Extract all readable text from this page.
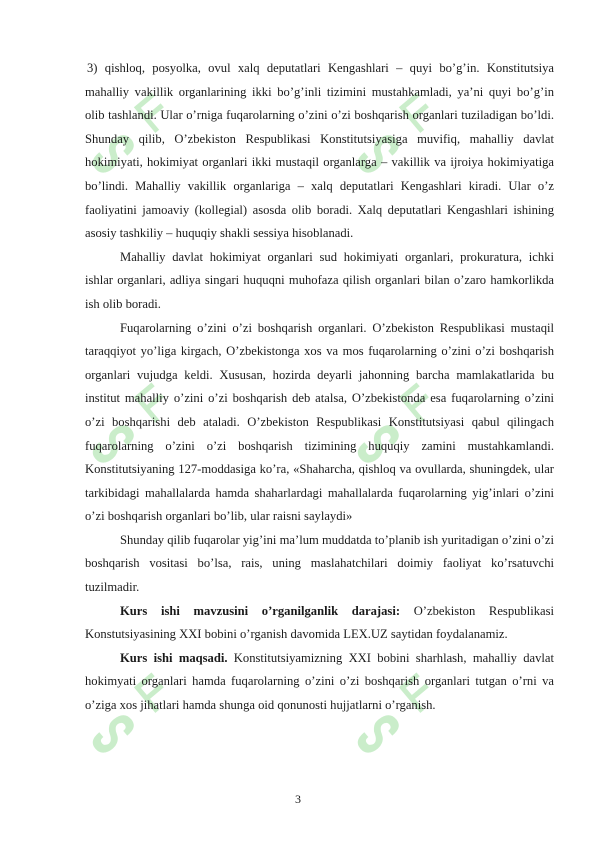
ᔕ ᖴ	ᔕ ᖴ
ᔕ ᖴ	ᔕ ᖴ
ᔕ ᖴ	ᔕ ᖴ

3) qishloq, posyolka, ovul xalq deputatlari Kengashlari – quyi bo’g’in. Konstitutsiya mahalliy vakillik organlarining ikki bo’g’inli tizimini mustahkamladi, ya’ni quyi bo’g’in olib tashlandi. Ular o’rniga fuqarolarning o’zini o’zi boshqarish organlari tuziladigan bo’ldi. Shunday qilib, O’zbekiston Respublikasi Konstitutsiyasiga muvifiq, mahalliy davlat hokimiyati, hokimiyat organlari ikki mustaqil organlarga – vakillik va ijroiya hokimiyatiga bo’lindi. Mahalliy vakillik organlariga – xalq deputatlari Kengashlari kiradi. Ular o’z faoliyatini jamoaviy (kollegial) asosda olib boradi. Xalq deputatlari Kengashlari ishining asosiy tashkiliy – huquqiy shakli sessiya hisoblanadi.

Mahalliy davlat hokimiyat organlari sud hokimiyati organlari, prokuratura, ichki ishlar organlari, adliya singari huquqni muhofaza qilish organlari bilan o’zaro hamkorlikda ish olib boradi.

Fuqarolarning o’zini o’zi boshqarish organlari. O’zbekiston Respublikasi mustaqil taraqqiyot yo’liga kirgach, O’zbekistonga xos va mos fuqarolarning o’zini o’zi boshqarish organlari vujudga keldi. Xususan, hozirda deyarli jahonning barcha mamlakatlarida bu institut mahalliy o’zini o’zi boshqarish deb atalsa, O’zbekistonda esa fuqarolarning o’zini o’zi boshqarishi deb ataladi. O’zbekiston Respublikasi Konstitutsiyasi qabul qilingach fuqarolarning o’zini o’zi boshqarish tizimining huquqiy zamini mustahkamlandi. Konstitutsiyaning 127-moddasiga ko’ra, «Shaharcha, qishloq va ovullarda, shuningdek, ular tarkibidagi mahallalarda hamda shaharlardagi mahallalarda fuqarolarning yig’inlari o’zini o’zi boshqarish organlari bo’lib, ular raisni saylaydi»

Shunday qilib fuqarolar yig’ini ma’lum muddatda to’planib ish yuritadigan o’zini o’zi boshqarish vositasi bo’lsa, rais, uning maslahatchilari doimiy faoliyat ko’rsatuvchi tuzilmadir.

Kurs ishi mavzusini o’rganilganlik darajasi: O’zbekiston Respublikasi Konstutsiyasining XXI bobini o’rganish davomida LEX.UZ saytidan foydalanamiz.

Kurs ishi maqsadi. Konstitutsiyamizning XXI bobini sharhlash, mahalliy davlat hokimyati organlari hamda fuqarolarning o’zini o’zi boshqarish organlari tutgan o’rni va o’ziga xos jihatlari hamda shunga oid qonunosti hujjatlarni o’rganish.

3
